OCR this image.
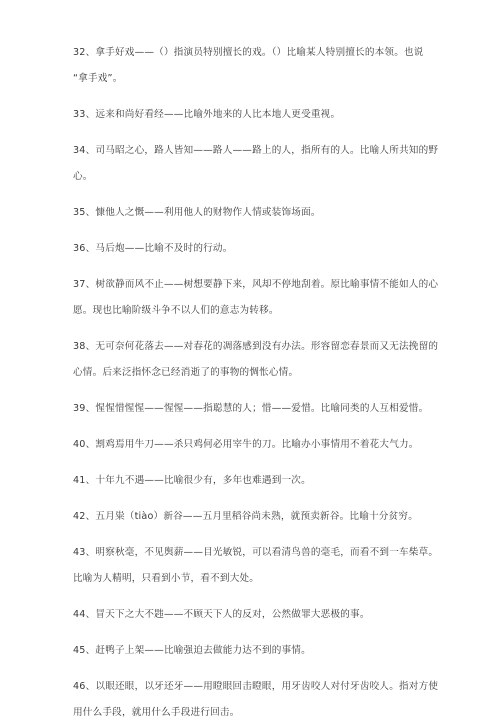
32、拿手好戏——（）指演员特别擅长的戏。（）比喻某人特别擅长的本领。也说
“拿手戏”。
33、远来和尚好看经——比喻外地来的人比本地人更受重视。
34、司马昭之心，路人皆知——路人——路上的人，指所有的人。比喻人所共知的野
心。
35、慷他人之慨——利用他人的财物作人情或装饰场面。
36、马后炮——比喻不及时的行动。
37、树欲静而风不止——树想要静下来，风却不停地刮着。原比喻事情不能如人的心
愿。现也比喻阶级斗争不以人们的意志为转移。
38、无可奈何花落去——对春花的凋落感到没有办法。形容留恋春景而又无法挽留的
心情。后来泛指怀念已经消逝了的事物的惆怅心情。
39、惺惺惜惺惺——惺惺——指聪慧的人；惜——爱惜。比喻同类的人互相爱惜。
40、割鸡焉用牛刀——杀只鸡何必用宰牛的刀。比喻办小事情用不着花大气力。
41、十年九不遇——比喻很少有，多年也难遇到一次。
42、五月粜（tiào）新谷——五月里稻谷尚未熟，就预卖新谷。比喻十分贫穷。
43、明察秋毫，不见舆薪——目光敏锐，可以看清鸟兽的毫毛，而看不到一车柴草。
比喻为人精明，只看到小节，看不到大处。
44、冒天下之大不韪——不顾天下人的反对，公然做罪大恶极的事。
45、赶鸭子上架——比喻强迫去做能力达不到的事情。
46、以眼还眼，以牙还牙——用瞪眼回击瞪眼，用牙齿咬人对付牙齿咬人。指对方使
用什么手段，就用什么手段进行回击。
